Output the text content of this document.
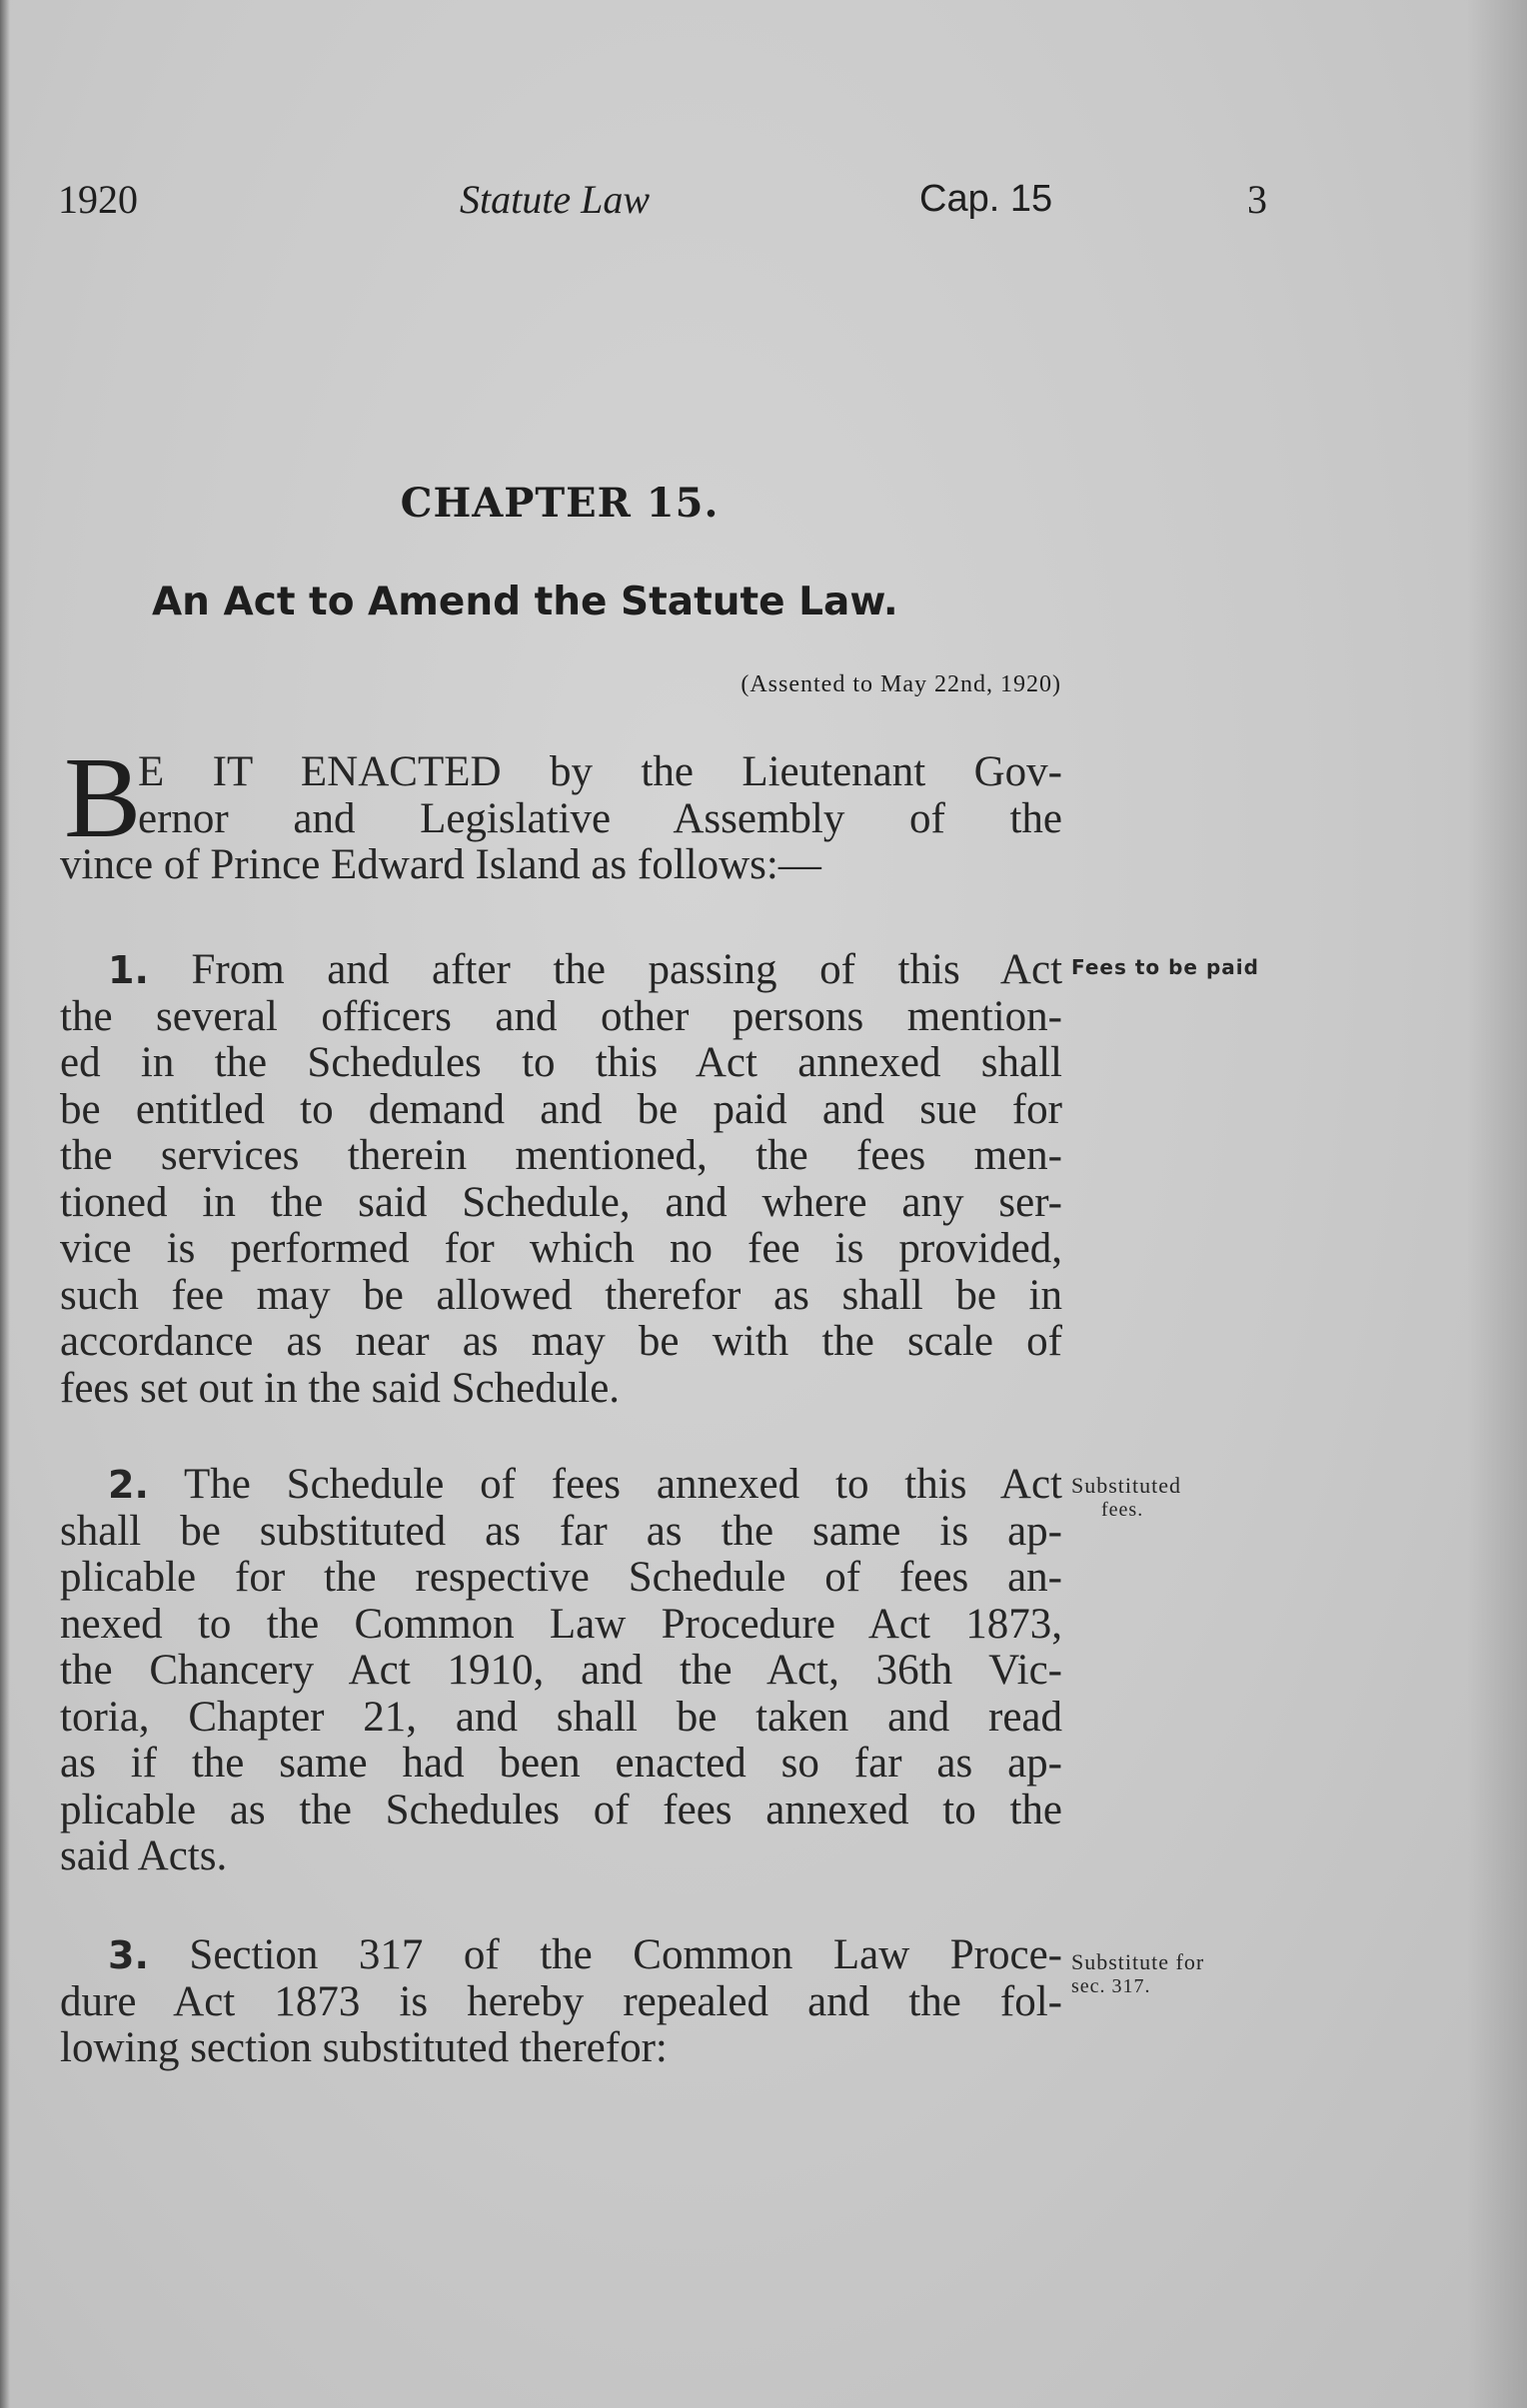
1920	Statute Law	Cap. 15	3
CHAPTER 15.
An Act to Amend the Statute Law.
(Assented to May 22nd, 1920)
B
E IT ENACTED by the Lieutenant Gov-
ernor and Legislative Assembly of the
vince of Prince Edward Island as follows:—
1. From and after the passing of this Act
the several officers and other persons mention-
ed in the Schedules to this Act annexed shall
be entitled to demand and be paid and sue for
the services therein mentioned, the fees men-
tioned in the said Schedule, and where any ser-
vice is performed for which no fee is provided,
such fee may be allowed therefor as shall be in
accordance as near as may be with the scale of
fees set out in the said Schedule.
Fees to be paid
2. The Schedule of fees annexed to this Act
shall be substituted as far as the same is ap-
plicable for the respective Schedule of fees an-
nexed to the Common Law Procedure Act 1873,
the Chancery Act 1910, and the Act, 36th Vic-
toria, Chapter 21, and shall be taken and read
as if the same had been enacted so far as ap-
plicable as the Schedules of fees annexed to the
said Acts.
Substituted
fees.
3. Section 317 of the Common Law Proce-
dure Act 1873 is hereby repealed and the fol-
lowing section substituted therefor:
Substitute for
sec. 317.
